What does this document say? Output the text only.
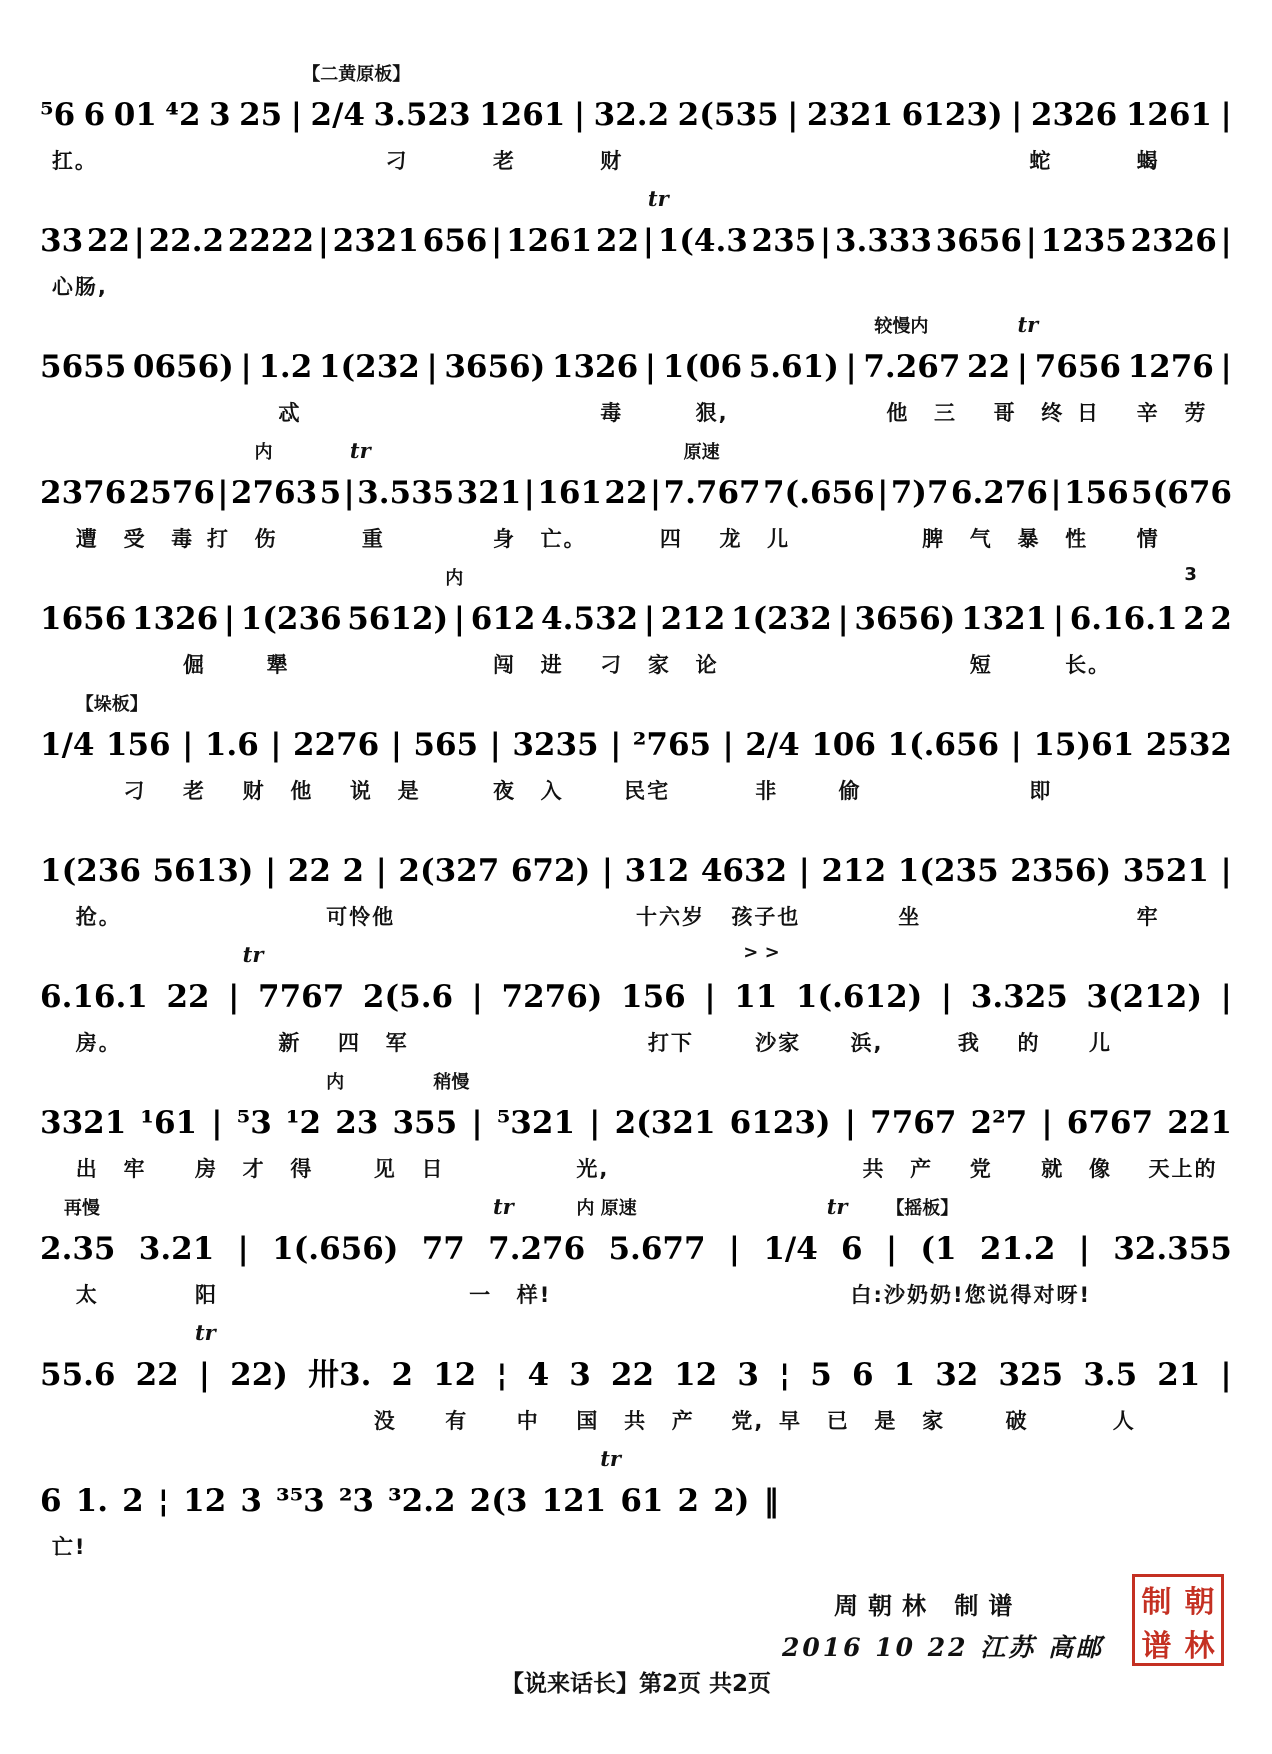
【二黄原板】
⁵6 6 01 ⁴2 3 25 | 2/4 3.523 1261 | 32.2 2(535 | 2321 6123) | 2326 1261 |
扛。	刁	老	财	蛇	蝎
tr
33 22 | 22.2 2222 | 2321 656 | 1261 22 | 1(4.3 235 | 3.333 3656 | 1235 2326 |
心肠,
较慢内	tr
5655 0656) | 1.2 1(232 | 3656) 1326 | 1(06 5.61) | 7.267 22 | 7656 1276 |
忒	毒	狠,	他 三 哥 终 日 辛 劳
内	tr	原速
2376 2576 | 2763 5 | 3.535 321 | 161 22 | 7.767 7(.656 | 7)7 6.276 | 156 5(676
遭 受 毒 打 伤	重	身 亡。	四 龙 儿	脾 气 暴 性 情
内	3
1656 1326 | 1(236 5612) | 612 4.532 | 212 1(232 | 3656) 1321 | 6.16.1 2 2
倔	犟	闯 进 刁 家 论	短	长。
【垛板】
1/4 156 | 1.6 | 2276 | 565 | 3235 | ²765 | 2/4 106 1(.656 | 15)61 2532
刁 老 财 他 说 是	夜 入	民宅	非	偷	即
1(236 5613) | 22 2 | 2(327 672) | 312 4632 | 212 1(235 2356) 3521 |
抢。	可怜他	十六岁 孩子也	坐	牢
tr	> >
6.16.1 22 | 7767 2(5.6 | 7276) 156 | 11 1(.612) | 3.325 3(212) |
房。	新 四 军	打下	沙家 浜,	我 的 儿
内	稍慢
3321 ¹61 | ⁵3 ¹2 23 355 | ⁵321 | 2(321 6123) | 7767 2²7 | 6767 221
出 牢 房 才 得	见 日	光,	共 产 党 就 像 天上的
再慢	tr	内 原速	tr 【摇板】
2.35 3.21 | 1(.656) 77 7.276 5.677 | 1/4 6 | (1 21.2 | 32.355
太	阳	一 样!	白:沙奶奶!您说得对呀!
tr
55.6 22 | 22) 卅3. 2 12 ¦ 4 3 22 12 3 ¦ 5 6 1 32 325 3.5 21 |
没 有 中 国 共 产 党, 早 已 是 家	破	人
tr
6 1. 2 ¦ 12 3 ³⁵3 ²3 ³2.2 2(3 121 61 2 2) ‖
亡!
周朝林 制谱
2016 10 22 江苏 高邮
朝
林
制
谱
【说来话长】第2页 共2页
